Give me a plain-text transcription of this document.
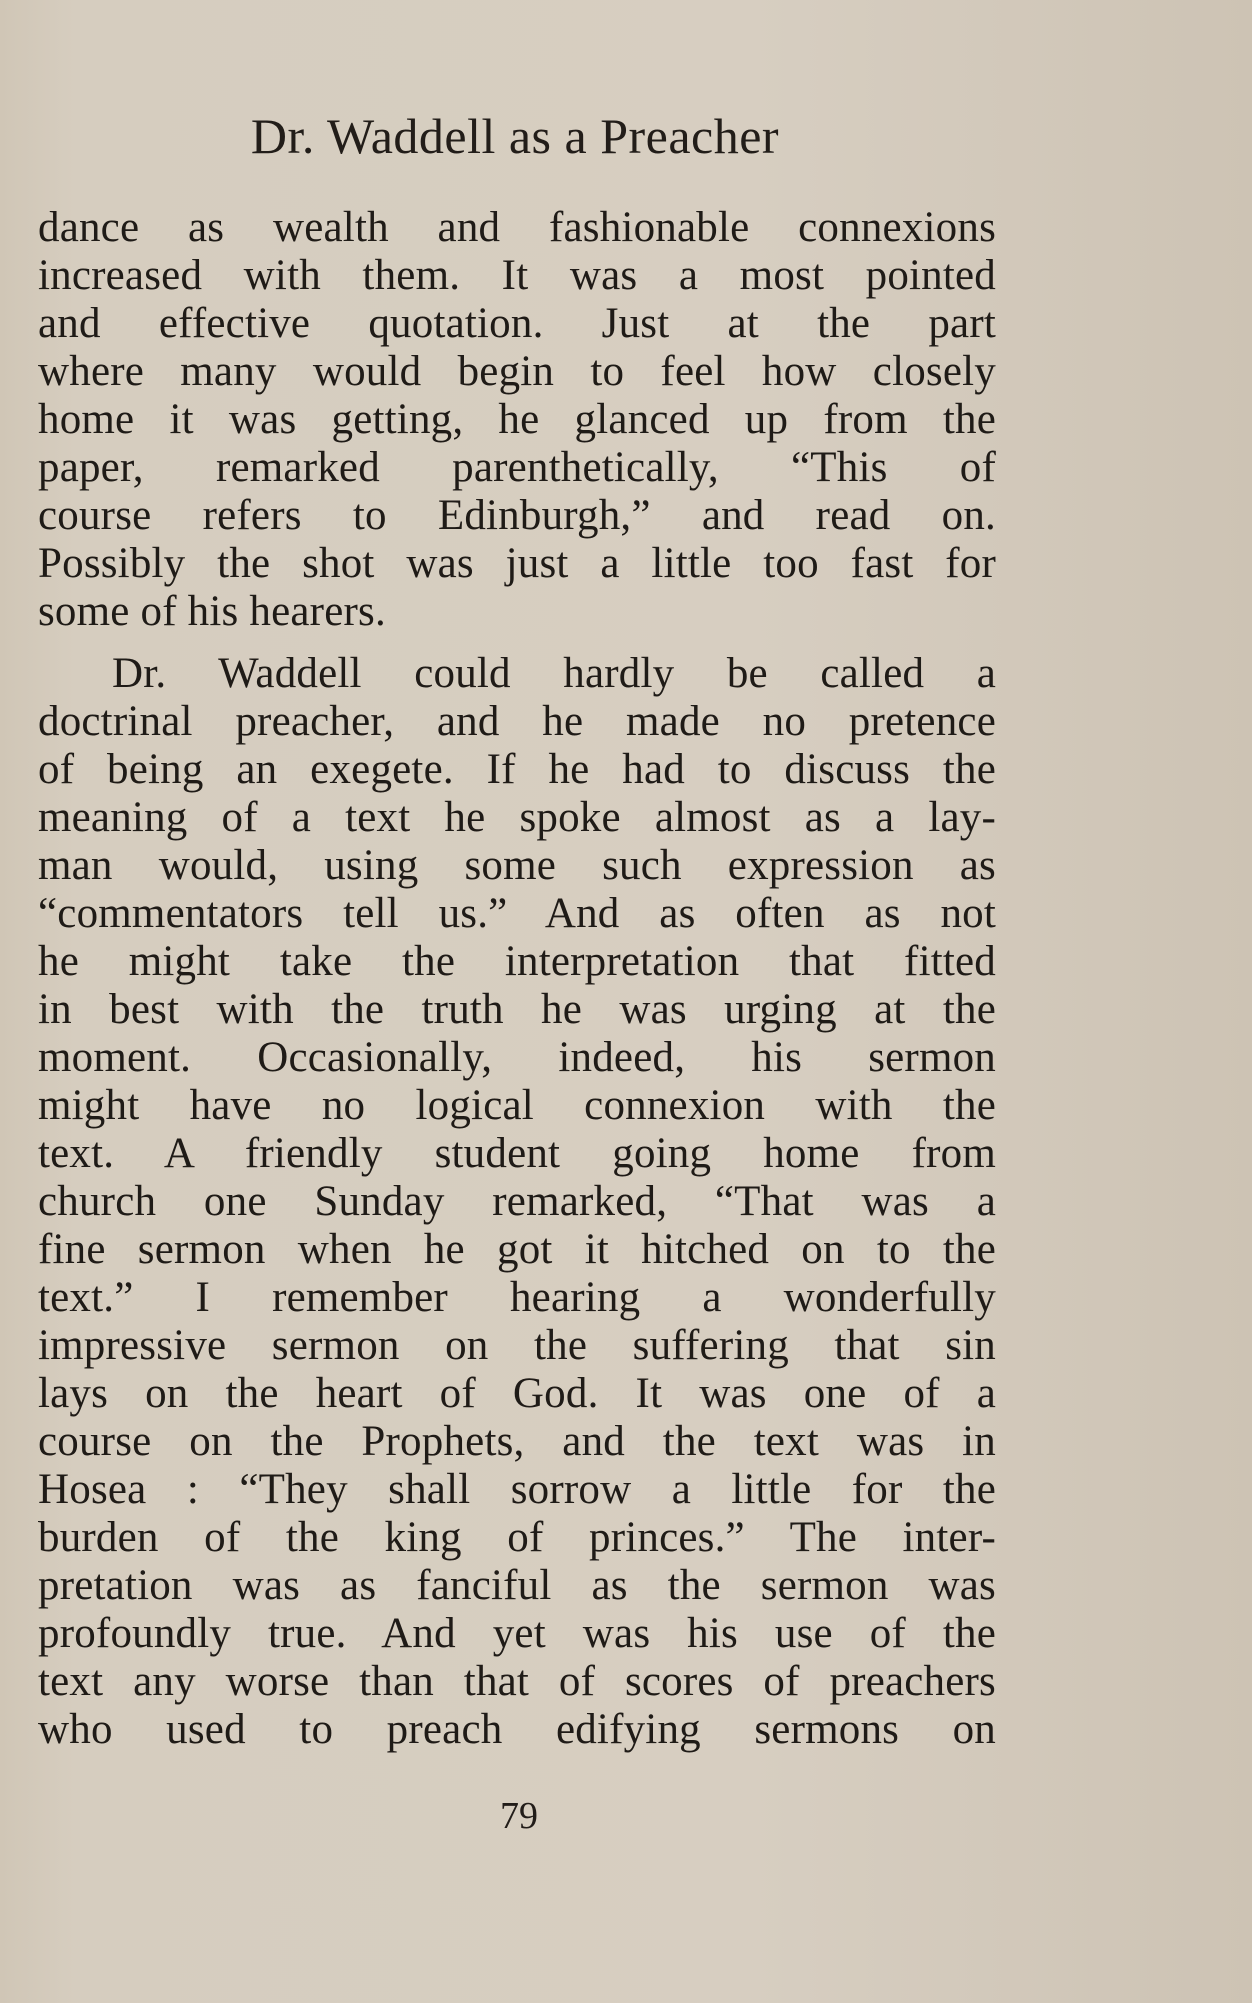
Dr. Waddell as a Preacher
dance as wealth and fashionable connexions
increased with them. It was a most pointed
and effective quotation. Just at the part
where many would begin to feel how closely
home it was getting, he glanced up from the
paper, remarked parenthetically, “This of
course refers to Edinburgh,” and read on.
Possibly the shot was just a little too fast for
some of his hearers.
Dr. Waddell could hardly be called a
doctrinal preacher, and he made no pretence
of being an exegete. If he had to discuss the
meaning of a text he spoke almost as a lay-
man would, using some such expression as
“commentators tell us.” And as often as not
he might take the interpretation that fitted
in best with the truth he was urging at the
moment. Occasionally, indeed, his sermon
might have no logical connexion with the
text. A friendly student going home from
church one Sunday remarked, “That was a
fine sermon when he got it hitched on to the
text.” I remember hearing a wonderfully
impressive sermon on the suffering that sin
lays on the heart of God. It was one of a
course on the Prophets, and the text was in
Hosea : “They shall sorrow a little for the
burden of the king of princes.” The inter-
pretation was as fanciful as the sermon was
profoundly true. And yet was his use of the
text any worse than that of scores of preachers
who used to preach edifying sermons on
79
